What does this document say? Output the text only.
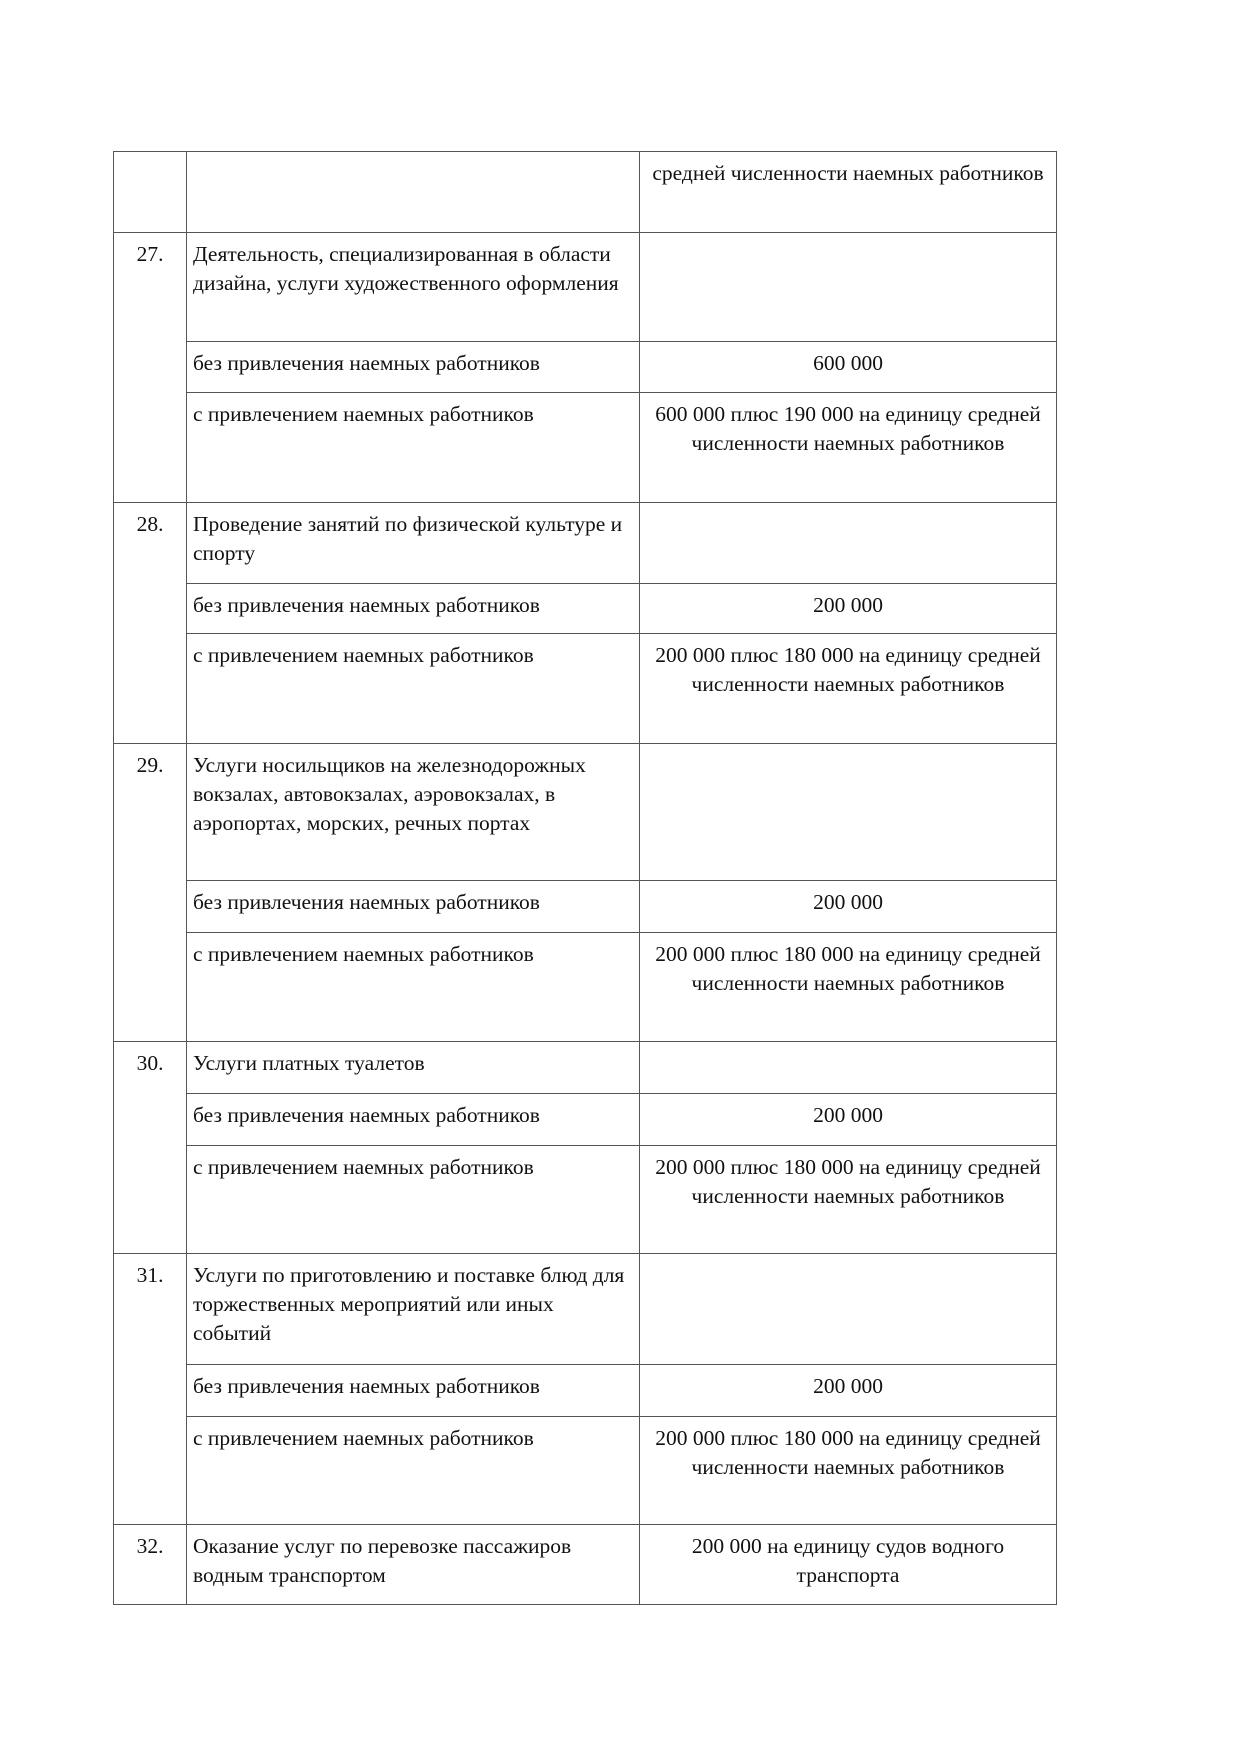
		средней численности наемных работников
27.	Деятельность, специализированная в области дизайна, услуги художественного оформления	
	без привлечения наемных работников	600 000
	с привлечением наемных работников	600 000 плюс 190 000 на единицу средней численности наемных работников
28.	Проведение занятий по физической культуре и спорту	
	без привлечения наемных работников	200 000
	с привлечением наемных работников	200 000 плюс 180 000 на единицу средней численности наемных работников
29.	Услуги носильщиков на железнодорожных вокзалах, автовокзалах, аэровокзалах, в аэропортах, морских, речных портах	
	без привлечения наемных работников	200 000
	с привлечением наемных работников	200 000 плюс 180 000 на единицу средней численности наемных работников
30.	Услуги платных туалетов	
	без привлечения наемных работников	200 000
	с привлечением наемных работников	200 000 плюс 180 000 на единицу средней численности наемных работников
31.	Услуги по приготовлению и поставке блюд для торжественных мероприятий или иных событий	
	без привлечения наемных работников	200 000
	с привлечением наемных работников	200 000 плюс 180 000 на единицу средней численности наемных работников
32.	Оказание услуг по перевозке пассажиров водным транспортом	200 000 на единицу судов водного транспорта
